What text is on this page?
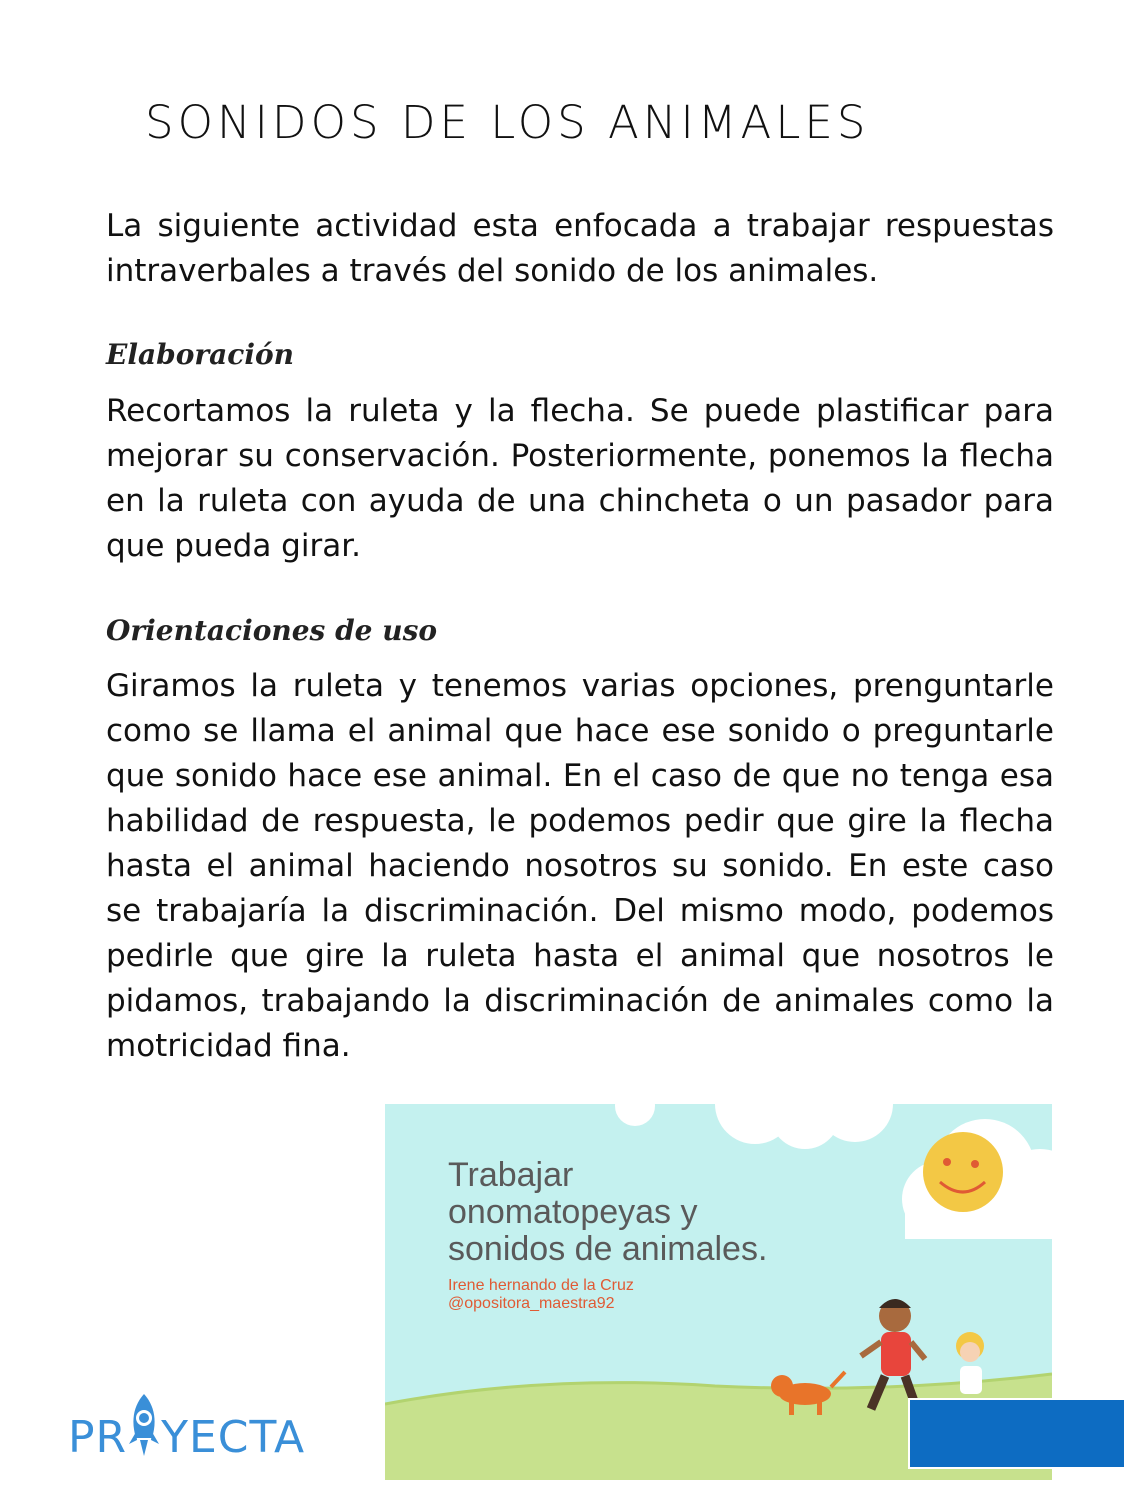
SONIDOS DE LOS ANIMALES

La siguiente actividad esta enfocada a trabajar respuestas intraverbales a través del sonido de los animales.

Elaboración

Recortamos la ruleta y la flecha. Se puede plastificar para mejorar su conservación. Posteriormente, ponemos la flecha en la ruleta con ayuda de una chincheta o un pasador para que pueda girar.

Orientaciones de uso

Giramos la ruleta y tenemos varias opciones, prenguntarle como se llama el animal que hace ese sonido o preguntarle que sonido hace ese animal. En el caso de que no tenga esa habilidad de respuesta, le podemos pedir que gire la flecha hasta el animal haciendo nosotros su sonido. En este caso se trabajaría la discriminación. Del mismo modo, podemos pedirle que gire la ruleta hasta el animal que nosotros le pidamos, trabajando la discriminación de animales como la motricidad fina.

Trabajar
onomatopeyas y
sonidos de animales.
Irene hernando de la Cruz
@opositora_maestra92
PR YECTA
